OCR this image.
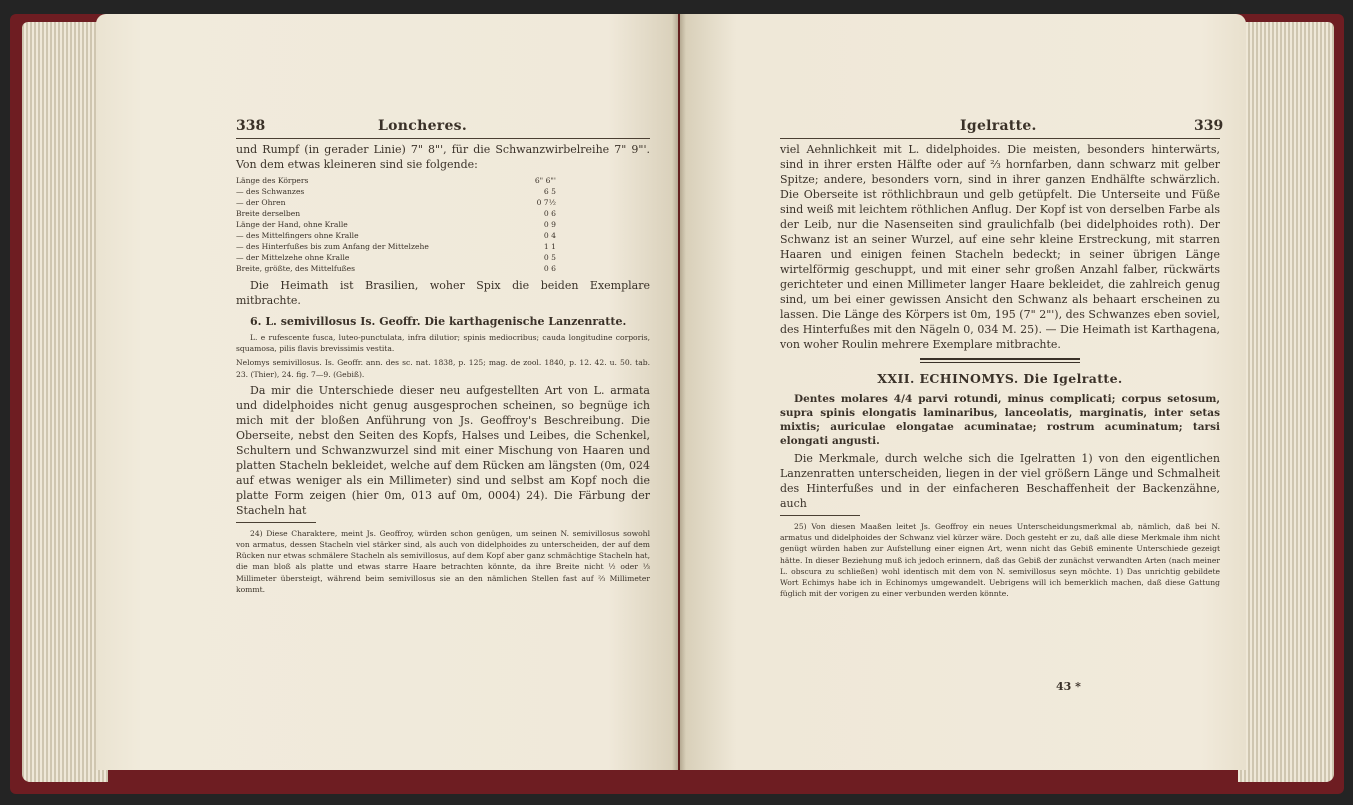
338	Loncheres.

und Rumpf (in gerader Linie) 7" 8"', für die Schwanzwirbelreihe 7" 9"'. Von dem etwas kleineren sind sie folgende:

Länge des Körpers	6" 6"'
— des Schwanzes	6 5
— der Ohren	0 7½
Breite derselben	0 6
Länge der Hand, ohne Kralle	0 9
— des Mittelfingers ohne Kralle	0 4
— des Hinterfußes bis zum Anfang der Mittelzehe	1 1
— der Mittelzehe ohne Kralle	0 5
Breite, größte, des Mittelfußes	0 6

Die Heimath ist Brasilien, woher Spix die beiden Exemplare mitbrachte.

6. L. semivillosus Is. Geoffr. Die karthagenische Lanzenratte.

L. e rufescente fusca, luteo-punctulata, infra dilutior; spinis mediocribus; cauda longitudine corporis, squamosa, pilis flavis brevissimis vestita.

Nelomys semivillosus. Is. Geoffr. ann. des sc. nat. 1838, p. 125; mag. de zool. 1840, p. 12. 42. u. 50. tab. 23. (Thier), 24. fig. 7—9. (Gebiß).

Da mir die Unterschiede dieser neu aufgestellten Art von L. armata und didelphoides nicht genug ausgesprochen scheinen, so begnüge ich mich mit der bloßen Anführung von Js. Geoffroy's Beschreibung. Die Oberseite, nebst den Seiten des Kopfs, Halses und Leibes, die Schenkel, Schultern und Schwanzwurzel sind mit einer Mischung von Haaren und platten Stacheln bekleidet, welche auf dem Rücken am längsten (0m, 024 auf etwas weniger als ein Millimeter) sind und selbst am Kopf noch die platte Form zeigen (hier 0m, 013 auf 0m, 0004) 24). Die Färbung der Stacheln hat

24) Diese Charaktere, meint Js. Geoffroy, würden schon genügen, um seinen N. semivillosus sowohl von armatus, dessen Stacheln viel stärker sind, als auch von didelphoides zu unterscheiden, der auf dem Rücken nur etwas schmälere Stacheln als semivillosus, auf dem Kopf aber ganz schmächtige Stacheln hat, die man bloß als platte und etwas starre Haare betrachten könnte, da ihre Breite nicht ½ oder ⅓ Millimeter übersteigt, während beim semivillosus sie an den nämlichen Stellen fast auf ⅔ Millimeter kommt.

Igelratte.	339

viel Aehnlichkeit mit L. didelphoides. Die meisten, besonders hinterwärts, sind in ihrer ersten Hälfte oder auf ⅔ hornfarben, dann schwarz mit gelber Spitze; andere, besonders vorn, sind in ihrer ganzen Endhälfte schwärzlich. Die Oberseite ist röthlichbraun und gelb getüpfelt. Die Unterseite und Füße sind weiß mit leichtem röthlichen Anflug. Der Kopf ist von derselben Farbe als der Leib, nur die Nasenseiten sind graulichfalb (bei didelphoides roth). Der Schwanz ist an seiner Wurzel, auf eine sehr kleine Erstreckung, mit starren Haaren und einigen feinen Stacheln bedeckt; in seiner übrigen Länge wirtelförmig geschuppt, und mit einer sehr großen Anzahl falber, rückwärts gerichteter und einen Millimeter langer Haare bekleidet, die zahlreich genug sind, um bei einer gewissen Ansicht den Schwanz als behaart erscheinen zu lassen. Die Länge des Körpers ist 0m, 195 (7" 2"'), des Schwanzes eben soviel, des Hinterfußes mit den Nägeln 0, 034 M. 25). — Die Heimath ist Karthagena, von woher Roulin mehrere Exemplare mitbrachte.

XXII. ECHINOMYS. Die Igelratte.

Dentes molares 4/4 parvi rotundi, minus complicati; corpus setosum, supra spinis elongatis laminaribus, lanceolatis, marginatis, inter setas mixtis; auriculae elongatae acuminatae; rostrum acuminatum; tarsi elongati angusti.

Die Merkmale, durch welche sich die Igelratten 1) von den eigentlichen Lanzenratten unterscheiden, liegen in der viel größern Länge und Schmalheit des Hinterfußes und in der einfacheren Beschaffenheit der Backenzähne, auch

25) Von diesen Maaßen leitet Js. Geoffroy ein neues Unterscheidungsmerkmal ab, nämlich, daß bei N. armatus und didelphoides der Schwanz viel kürzer wäre. Doch gesteht er zu, daß alle diese Merkmale ihm nicht genügt würden haben zur Aufstellung einer eignen Art, wenn nicht das Gebiß eminente Unterschiede gezeigt hätte. In dieser Beziehung muß ich jedoch erinnern, daß das Gebiß der zunächst verwandten Arten (nach meiner L. obscura zu schließen) wohl identisch mit dem von N. semivillosus seyn möchte. 1) Das unrichtig gebildete Wort Echimys habe ich in Echinomys umgewandelt. Uebrigens will ich bemerklich machen, daß diese Gattung füglich mit der vorigen zu einer verbunden werden könnte.

43 *
